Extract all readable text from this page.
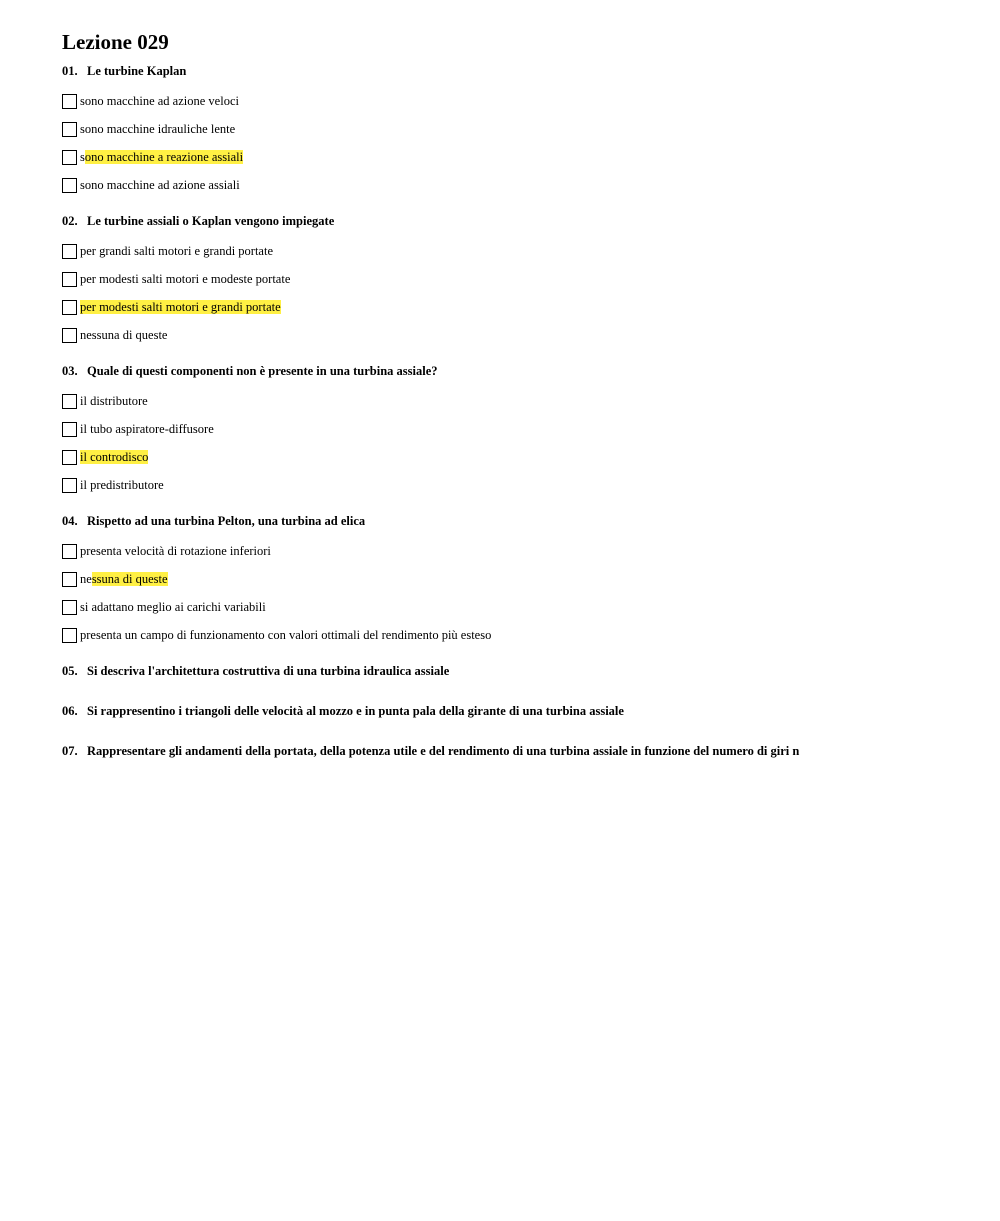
Lezione 029
01. Le turbine Kaplan
sono macchine ad azione veloci
sono macchine idrauliche lente
sono macchine a reazione assiali
sono macchine ad azione assiali
02. Le turbine assiali o Kaplan vengono impiegate
per grandi salti motori e grandi portate
per modesti salti motori e modeste portate
per modesti salti motori e grandi portate
nessuna di queste
03. Quale di questi componenti non è presente in una turbina assiale?
il distributore
il tubo aspiratore-diffusore
il controdisco
il predistributore
04. Rispetto ad una turbina Pelton, una turbina ad elica
presenta velocità di rotazione inferiori
nessuna di queste
si adattano meglio ai carichi variabili
presenta un campo di funzionamento con valori ottimali del rendimento più esteso
05. Si descriva l'architettura costruttiva di una turbina idraulica assiale
06. Si rappresentino i triangoli delle velocità al mozzo e in punta pala della girante di una turbina assiale
07. Rappresentare gli andamenti della portata, della potenza utile e del rendimento di una turbina assiale in funzione del numero di giri n
